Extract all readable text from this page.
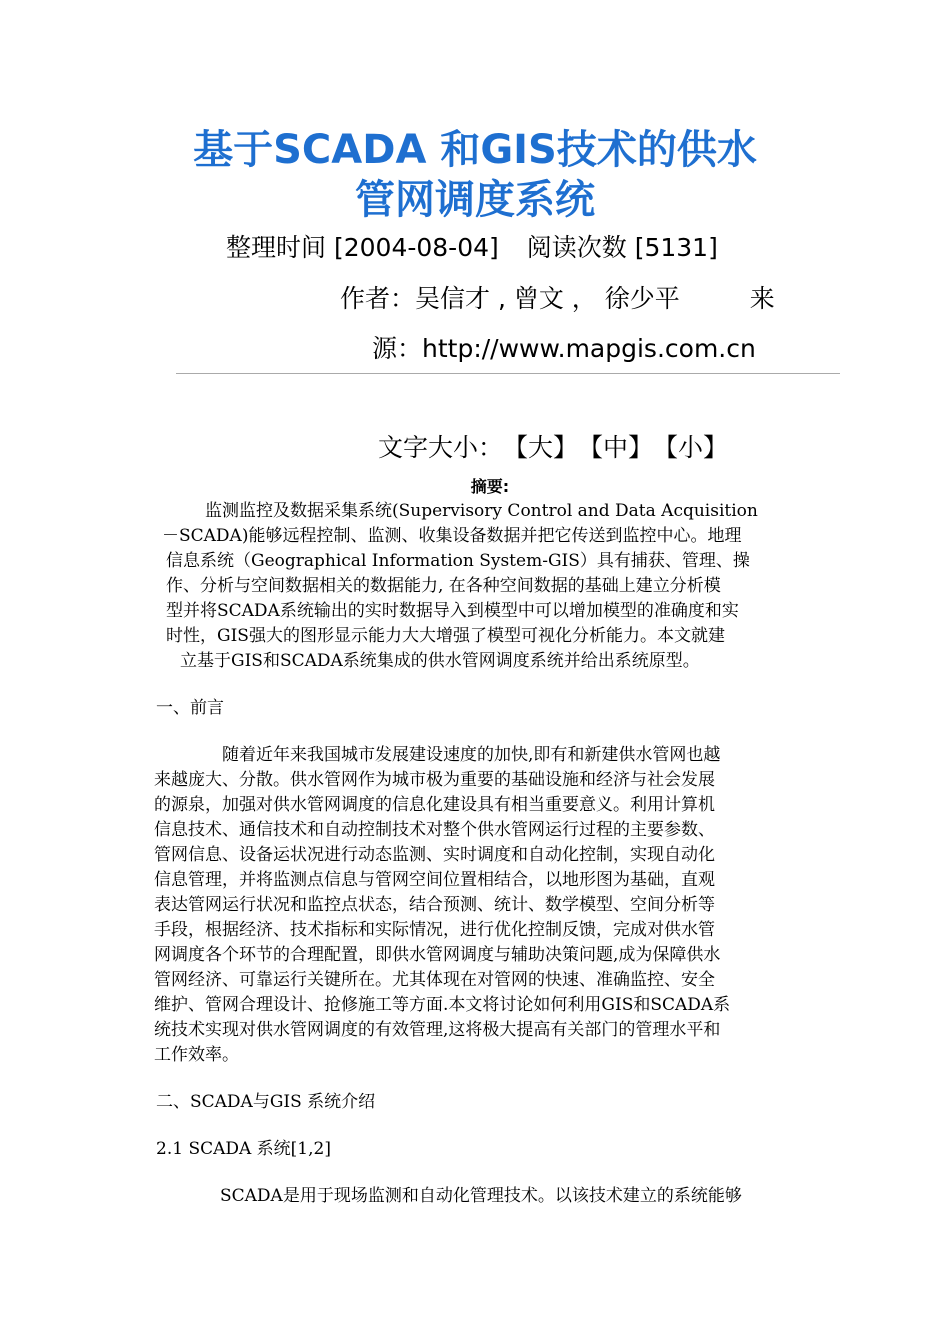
基于SCADA 和GIS技术的供水
管网调度系统
整理时间 [2004-08-04] 阅读次数 [5131]
作者：吴信才 , 曾文 ， 徐少平	来
源：http://www.mapgis.com.cn
文字大小：【大】【中】【小】
摘要:
监测监控及数据采集系统(Supervisory Control and Data Acquisition
－SCADA)能够远程控制、监测、收集设备数据并把它传送到监控中心。地理
信息系统（Geographical Information System-GIS）具有捕获、管理、操
作、分析与空间数据相关的数据能力, 在各种空间数据的基础上建立分析模
型并将SCADA系统输出的实时数据导入到模型中可以增加模型的准确度和实
时性，GIS强大的图形显示能力大大增强了模型可视化分析能力。本文就建
立基于GIS和SCADA系统集成的供水管网调度系统并给出系统原型。
一、前言
随着近年来我国城市发展建设速度的加快,即有和新建供水管网也越
来越庞大、分散。供水管网作为城市极为重要的基础设施和经济与社会发展
的源泉，加强对供水管网调度的信息化建设具有相当重要意义。利用计算机
信息技术、通信技术和自动控制技术对整个供水管网运行过程的主要参数、
管网信息、设备运状况进行动态监测、实时调度和自动化控制，实现自动化
信息管理，并将监测点信息与管网空间位置相结合，以地形图为基础，直观
表达管网运行状况和监控点状态，结合预测、统计、数学模型、空间分析等
手段，根据经济、技术指标和实际情况，进行优化控制反馈，完成对供水管
网调度各个环节的合理配置，即供水管网调度与辅助决策问题,成为保障供水
管网经济、可靠运行关键所在。尤其体现在对管网的快速、准确监控、安全
维护、管网合理设计、抢修施工等方面.本文将讨论如何利用GIS和SCADA系
统技术实现对供水管网调度的有效管理,这将极大提高有关部门的管理水平和
工作效率。
二、SCADA与GIS 系统介绍
2.1 SCADA 系统[1,2]
SCADA是用于现场监测和自动化管理技术。以该技术建立的系统能够
